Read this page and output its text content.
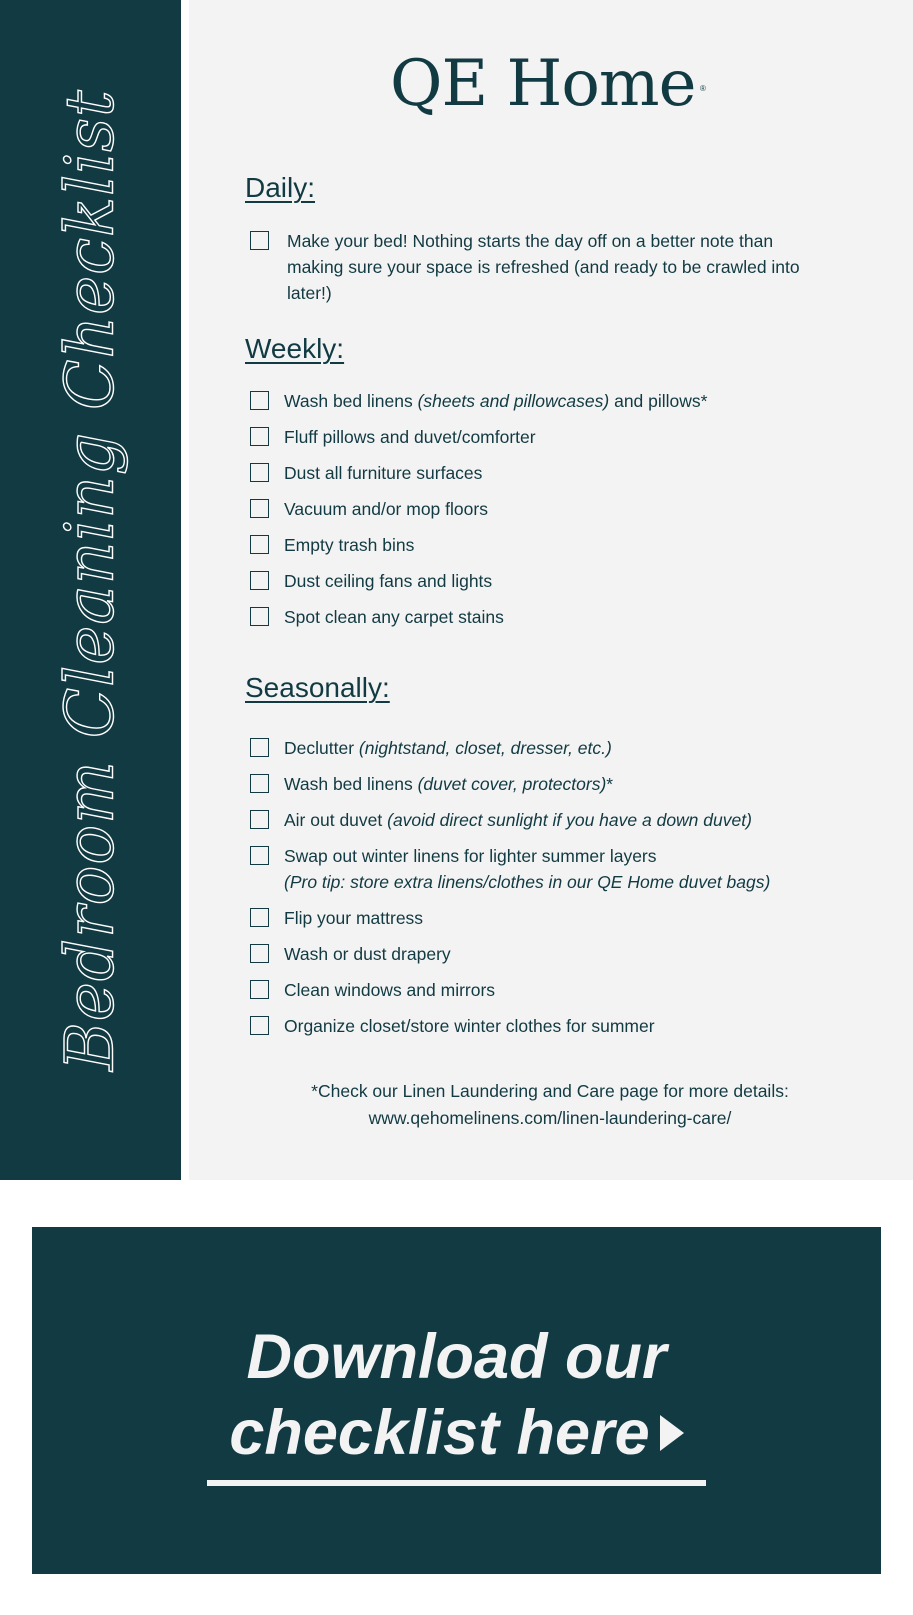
Bedroom Cleaning Checklist
QE Home ®
Daily:
Make your bed! Nothing starts the day off on a better note than making sure your space is refreshed (and ready to be crawled into later!)
Weekly:
Wash bed linens (sheets and pillowcases) and pillows*
Fluff pillows and duvet/comforter
Dust all furniture surfaces
Vacuum and/or mop floors
Empty trash bins
Dust ceiling fans and lights
Spot clean any carpet stains
Seasonally:
Declutter (nightstand, closet, dresser, etc.)
Wash bed linens (duvet cover, protectors)*
Air out duvet (avoid direct sunlight if you have a down duvet)
Swap out winter linens for lighter summer layers
(Pro tip: store extra linens/clothes in our QE Home duvet bags)
Flip your mattress
Wash or dust drapery
Clean windows and mirrors
Organize closet/store winter clothes for summer
*Check our Linen Laundering and Care page for more details:
www.qehomelinens.com/linen-laundering-care/
Download our
checklist here
